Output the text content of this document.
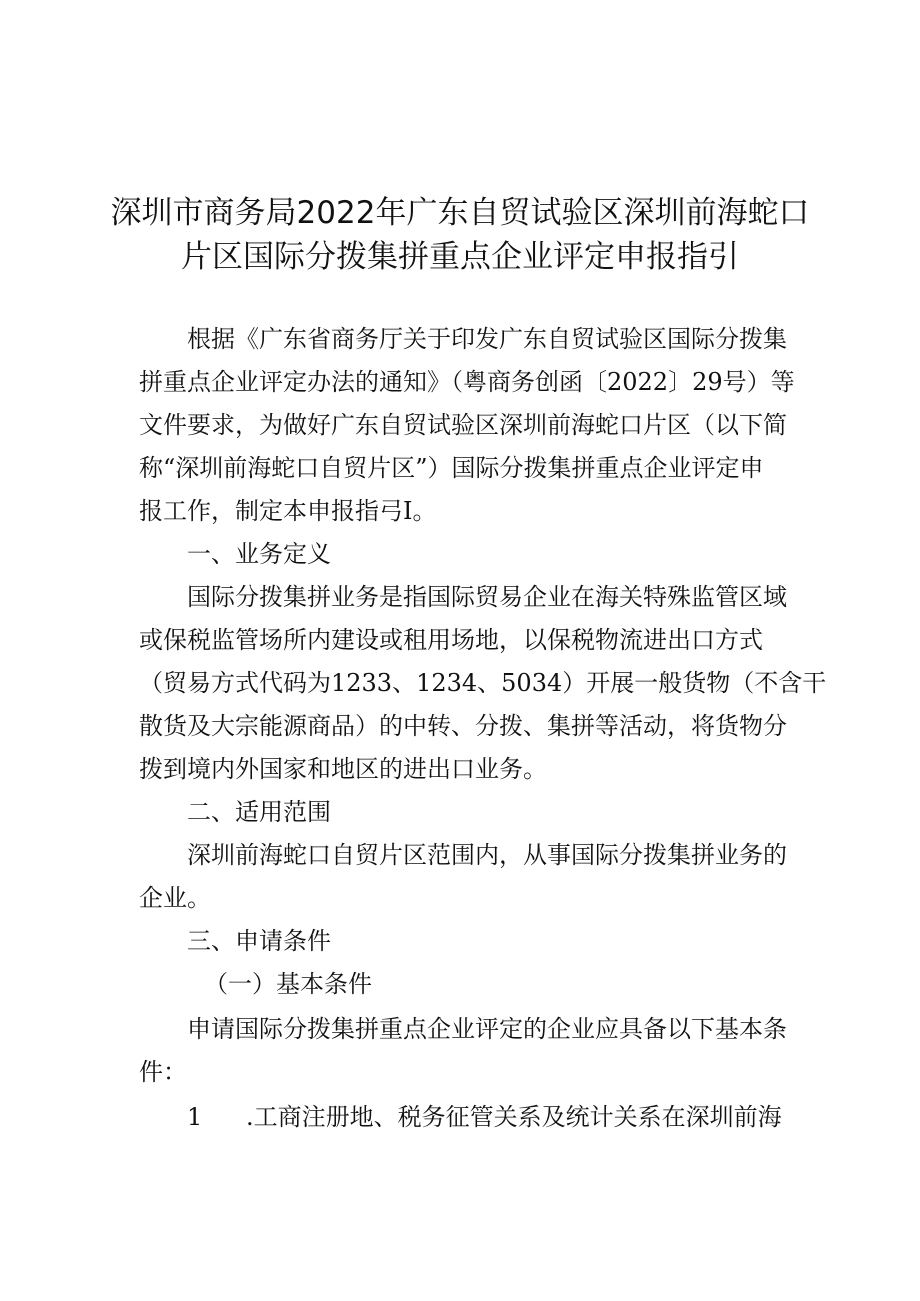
深圳市商务局2022年广东自贸试验区深圳前海蛇口
片区国际分拨集拼重点企业评定申报指引
根据《广东省商务厅关于印发广东自贸试验区国际分拨集
拼重点企业评定办法的通知》（粤商务创函〔2022〕29号）等
文件要求，为做好广东自贸试验区深圳前海蛇口片区（以下简
称“深圳前海蛇口自贸片区”）国际分拨集拼重点企业评定申
报工作，制定本申报指弓I。
一、业务定义
国际分拨集拼业务是指国际贸易企业在海关特殊监管区域
或保税监管场所内建设或租用场地，以保税物流进出口方式
（贸易方式代码为1233、1234、5034）开展一般货物（不含干
散货及大宗能源商品）的中转、分拨、集拼等活动，将货物分
拨到境内外国家和地区的进出口业务。
二、适用范围
深圳前海蛇口自贸片区范围内，从事国际分拨集拼业务的
企业。
三、申请条件
（一）基本条件
申请国际分拨集拼重点企业评定的企业应具备以下基本条
件：
1 .工商注册地、税务征管关系及统计关系在深圳前海
